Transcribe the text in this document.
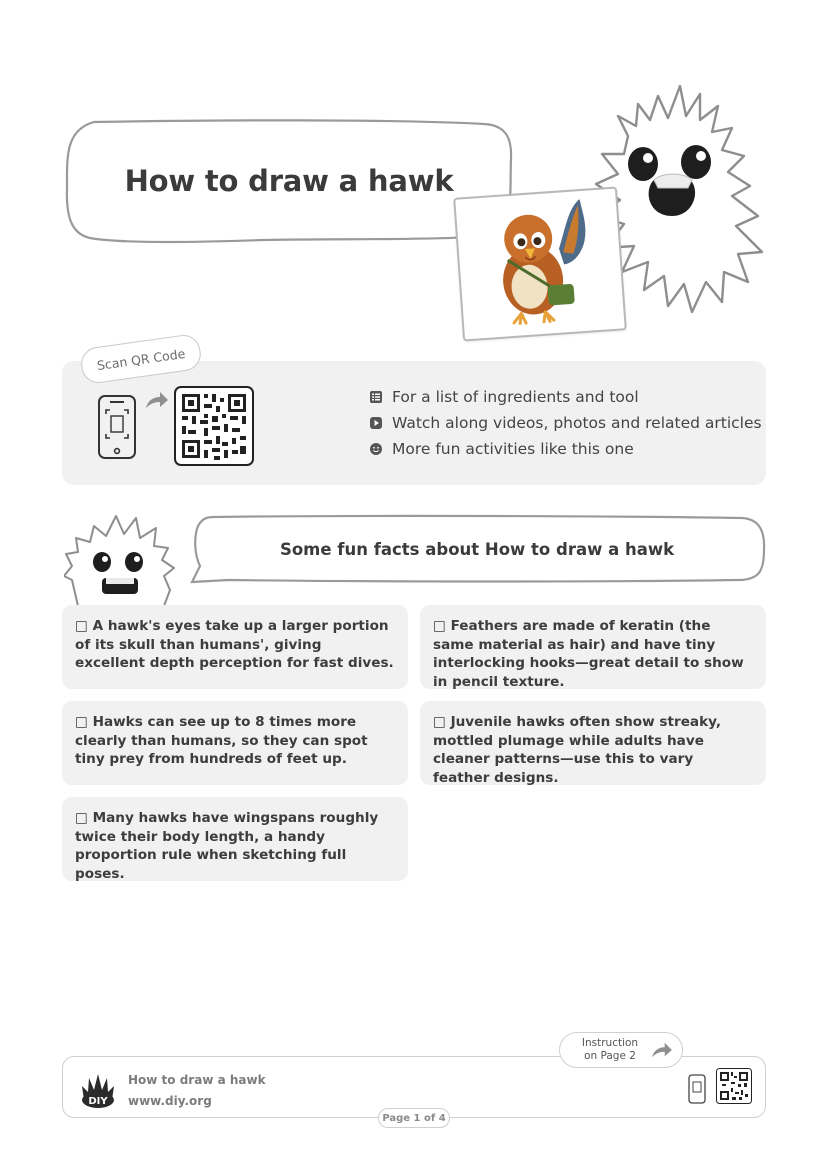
How to draw a hawk
Scan QR Code
For a list of ingredients and tool
Watch along videos, photos and related articles
More fun activities like this one
Some fun facts about How to draw a hawk
□ A hawk's eyes take up a larger portion of its skull than humans', giving excellent depth perception for fast dives.
□ Feathers are made of keratin (the same material as hair) and have tiny interlocking hooks—great detail to show in pencil texture.
□ Hawks can see up to 8 times more clearly than humans, so they can spot tiny prey from hundreds of feet up.
□ Juvenile hawks often show streaky, mottled plumage while adults have cleaner patterns—use this to vary feather designs.
□ Many hawks have wingspans roughly twice their body length, a handy proportion rule when sketching full poses.
DIY
How to draw a hawk
www.diy.org
Instruction
on Page 2
Page 1 of 4
